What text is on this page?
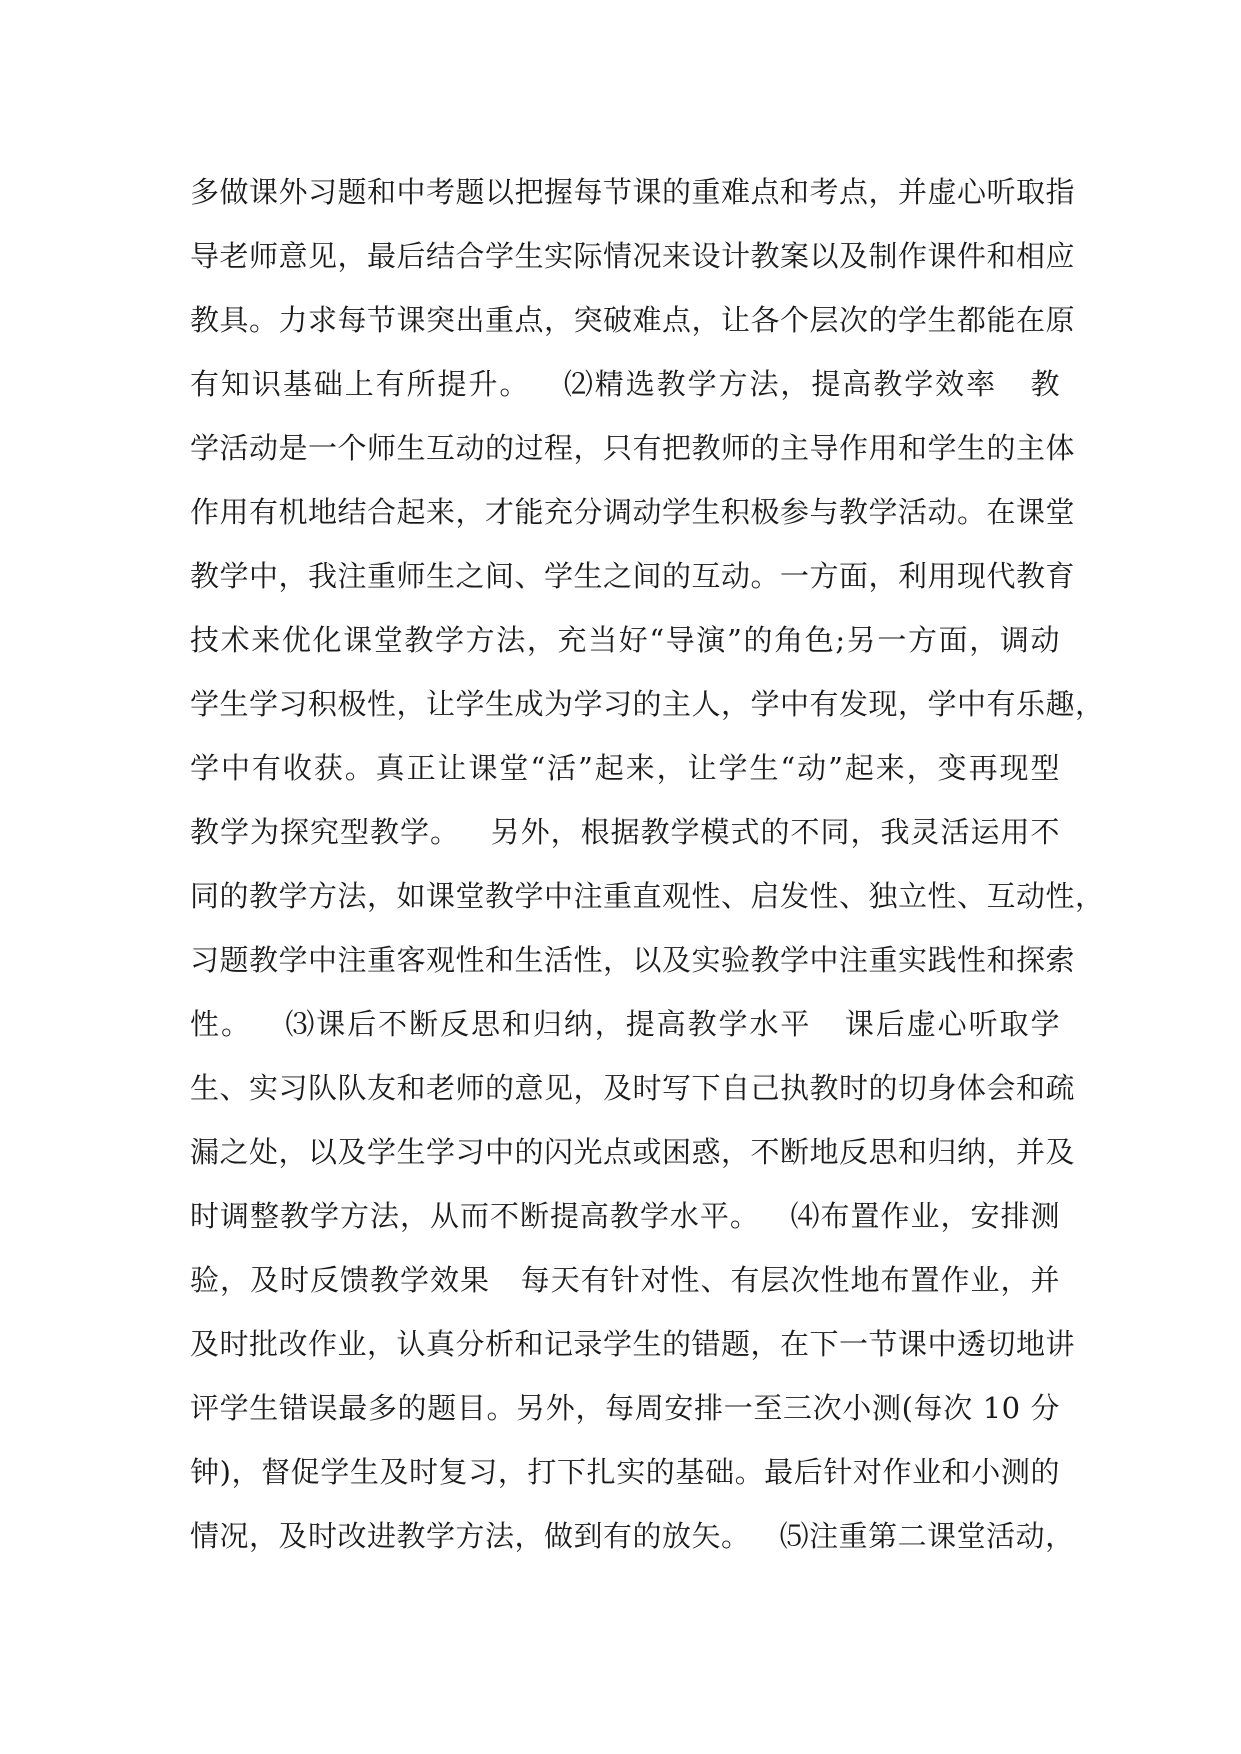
多做课外习题和中考题以把握每节课的重难点和考点，并虚心听取指
导老师意见，最后结合学生实际情况来设计教案以及制作课件和相应
教具。力求每节课突出重点，突破难点，让各个层次的学生都能在原
有知识基础上有所提升。   ⑵精选教学方法，提高教学效率   教
学活动是一个师生互动的过程，只有把教师的主导作用和学生的主体
作用有机地结合起来，才能充分调动学生积极参与教学活动。在课堂
教学中，我注重师生之间、学生之间的互动。一方面，利用现代教育
技术来优化课堂教学方法，充当好“导演”的角色;另一方面，调动
学生学习积极性，让学生成为学习的主人，学中有发现，学中有乐趣，
学中有收获。真正让课堂“活”起来，让学生“动”起来，变再现型
教学为探究型教学。   另外，根据教学模式的不同，我灵活运用不
同的教学方法，如课堂教学中注重直观性、启发性、独立性、互动性，
习题教学中注重客观性和生活性，以及实验教学中注重实践性和探索
性。   ⑶课后不断反思和归纳，提高教学水平   课后虚心听取学
生、实习队队友和老师的意见，及时写下自己执教时的切身体会和疏
漏之处，以及学生学习中的闪光点或困惑，不断地反思和归纳，并及
时调整教学方法，从而不断提高教学水平。   ⑷布置作业，安排测
验，及时反馈教学效果   每天有针对性、有层次性地布置作业，并
及时批改作业，认真分析和记录学生的错题，在下一节课中透切地讲
评学生错误最多的题目。另外，每周安排一至三次小测(每次 10 分
钟)，督促学生及时复习，打下扎实的基础。最后针对作业和小测的
情况，及时改进教学方法，做到有的放矢。   ⑸注重第二课堂活动，
